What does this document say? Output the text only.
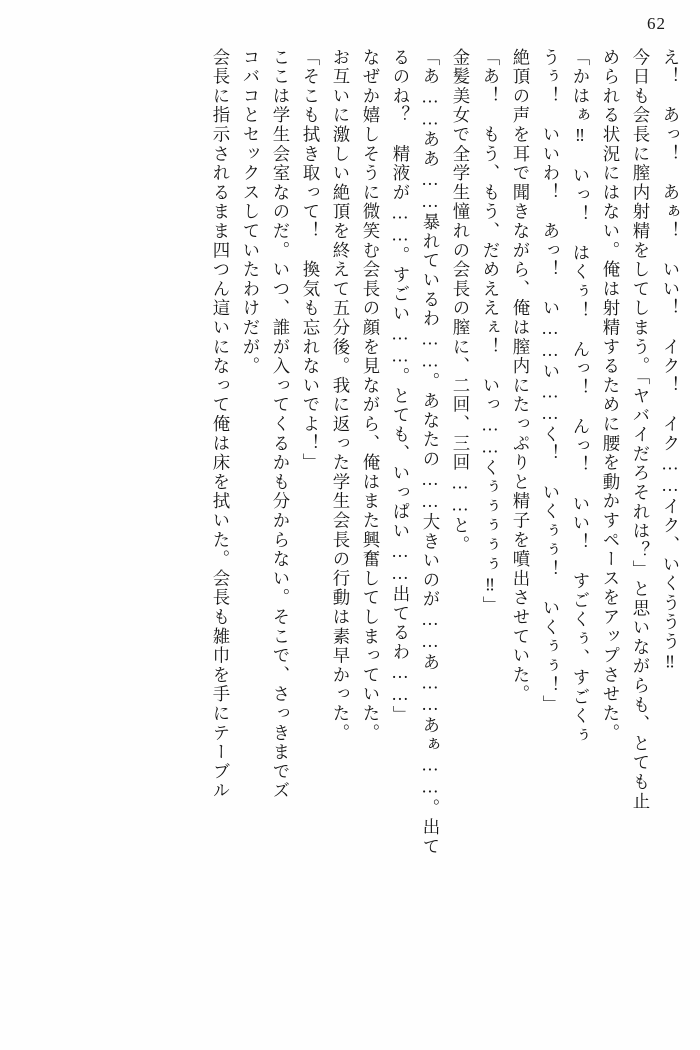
62
え！　あっ！　あぁ！　いい！　イク！　イク……イク、いくううう‼
今日も会長に膣内射精をしてしまう。「ヤバイだろそれは？」と思いながらも、とても止
められる状況にはない。俺は射精するために腰を動かすペースをアップさせた。
「かはぁ‼　いっ！　はくぅ！　んっ！　んっ！　いい！　すごくぅ、すごくぅ
うぅ！　いいわ！　あっ！　い……い……く！　いくぅぅ！　いくぅぅ！」
絶頂の声を耳で聞きながら、俺は膣内にたっぷりと精子を噴出させていた。
「あ！　もう、もう、だめええぇ！　いっ……くぅぅぅぅぅ‼」
金髪美女で全学生憧れの会長の膣に、二回、三回……と。
「あ……ああ……暴れているわ……。あなたの……大きいのが……あ……あぁ……。出て
るのね？　精液が……。すごい……。とても、いっぱい……出てるわ……」
なぜか嬉しそうに微笑む会長の顔を見ながら、俺はまた興奮してしまっていた。
お互いに激しい絶頂を終えて五分後。我に返った学生会長の行動は素早かった。
「そこも拭き取って！　換気も忘れないでよ！」
ここは学生会室なのだ。いつ、誰が入ってくるかも分からない。そこで、さっきまでズ
コバコとセックスしていたわけだが。
会長に指示されるまま四つん這いになって俺は床を拭いた。会長も雑巾を手にテーブル
